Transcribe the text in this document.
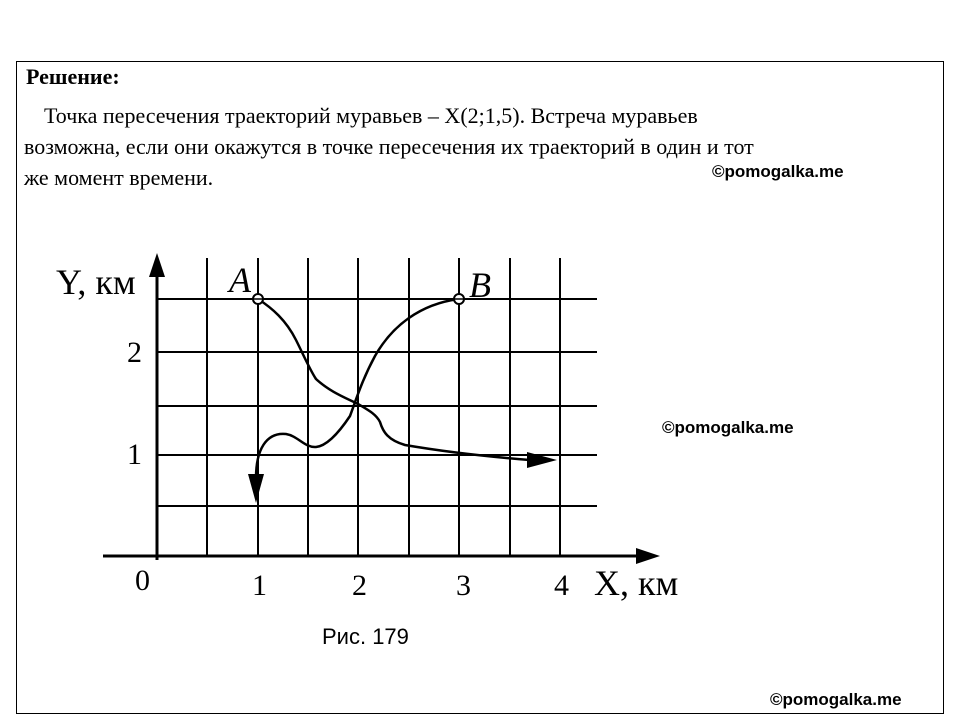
Решение:
Точка пересечения траекторий муравьев – X(2;1,5). Встреча муравьев
возможна, если они окажутся в точке пересечения их траекторий в один и тот
же момент времени.	©pomogalka.me
©pomogalka.me
©pomogalka.me
Y, км
X, км
0	1	2	3	4
1
2
A	B
Рис. 179
